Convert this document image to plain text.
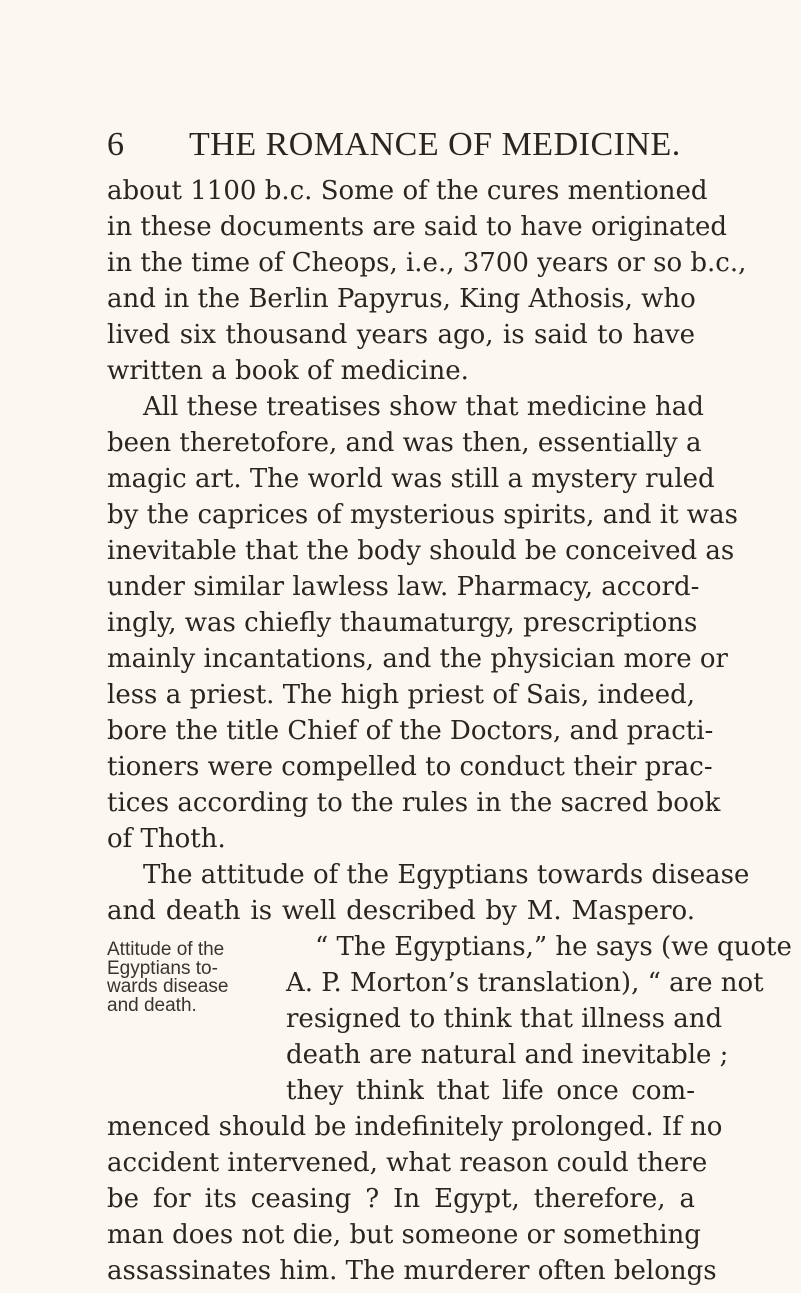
6 THE ROMANCE OF MEDICINE.
Attitude of the
Egyptians to-
wards disease
and death.
about 1100 b.c. Some of the cures mentioned
in these documents are said to have originated
in the time of Cheops, i.e., 3700 years or so b.c.,
and in the Berlin Papyrus, King Athosis, who
lived six thousand years ago, is said to have
written a book of medicine.
All these treatises show that medicine had
been theretofore, and was then, essentially a
magic art. The world was still a mystery ruled
by the caprices of mysterious spirits, and it was
inevitable that the body should be conceived as
under similar lawless law. Pharmacy, accord-
ingly, was chiefly thaumaturgy, prescriptions
mainly incantations, and the physician more or
less a priest. The high priest of Sais, indeed,
bore the title Chief of the Doctors, and practi-
tioners were compelled to conduct their prac-
tices according to the rules in the sacred book
of Thoth.
The attitude of the Egyptians towards disease
and death is well described by M. Maspero.
“ The Egyptians,” he says (we quote
A. P. Morton’s translation), “ are not
resigned to think that illness and
death are natural and inevitable ;
they think that life once com-
menced should be indefinitely prolonged. If no
accident intervened, what reason could there
be for its ceasing ? In Egypt, therefore, a
man does not die, but someone or something
assassinates him. The murderer often belongs
